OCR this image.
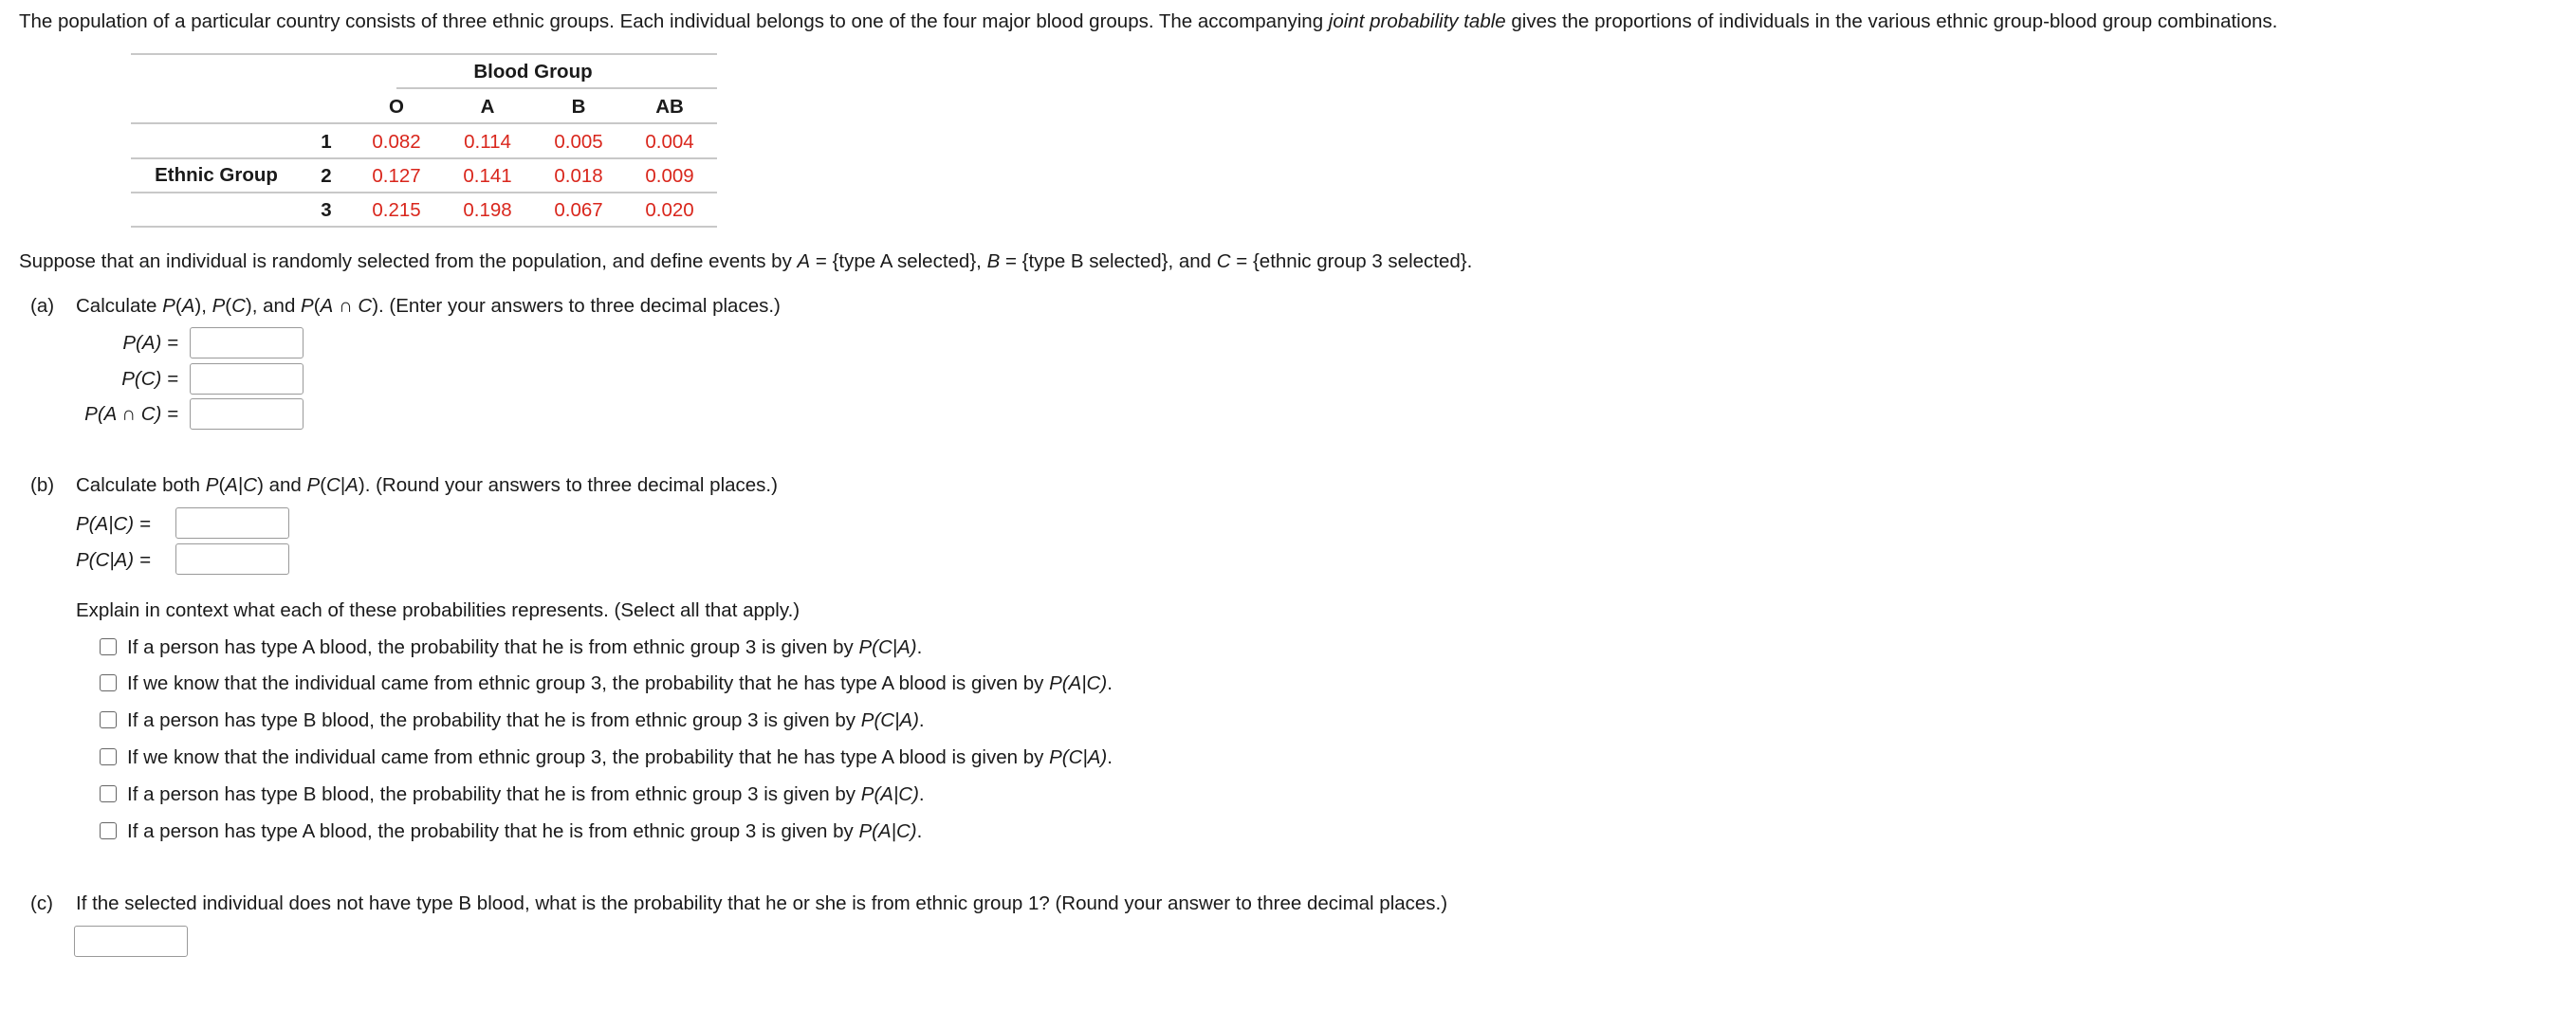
The population of a particular country consists of three ethnic groups. Each individual belongs to one of the four major blood groups. The accompanying joint probability table gives the proportions of individuals in the various ethnic group-blood group combinations.
Blood Group
O	A	B	AB
Ethnic Group
1 0.082 0.114 0.005 0.004
2 0.127 0.141 0.018 0.009
3 0.215 0.198 0.067 0.020
Suppose that an individual is randomly selected from the population, and define events by A = {type A selected}, B = {type B selected}, and C = {ethnic group 3 selected}.
(a) Calculate P(A), P(C), and P(A ∩ C). (Enter your answers to three decimal places.)
P(A) =
P(C) =
P(A ∩ C) =
(b) Calculate both P(A|C) and P(C|A). (Round your answers to three decimal places.)
P(A|C) =
P(C|A) =
Explain in context what each of these probabilities represents. (Select all that apply.)
If a person has type A blood, the probability that he is from ethnic group 3 is given by P(C|A).
If we know that the individual came from ethnic group 3, the probability that he has type A blood is given by P(A|C).
If a person has type B blood, the probability that he is from ethnic group 3 is given by P(C|A).
If we know that the individual came from ethnic group 3, the probability that he has type A blood is given by P(C|A).
If a person has type B blood, the probability that he is from ethnic group 3 is given by P(A|C).
If a person has type A blood, the probability that he is from ethnic group 3 is given by P(A|C).
(c) If the selected individual does not have type B blood, what is the probability that he or she is from ethnic group 1? (Round your answer to three decimal places.)
